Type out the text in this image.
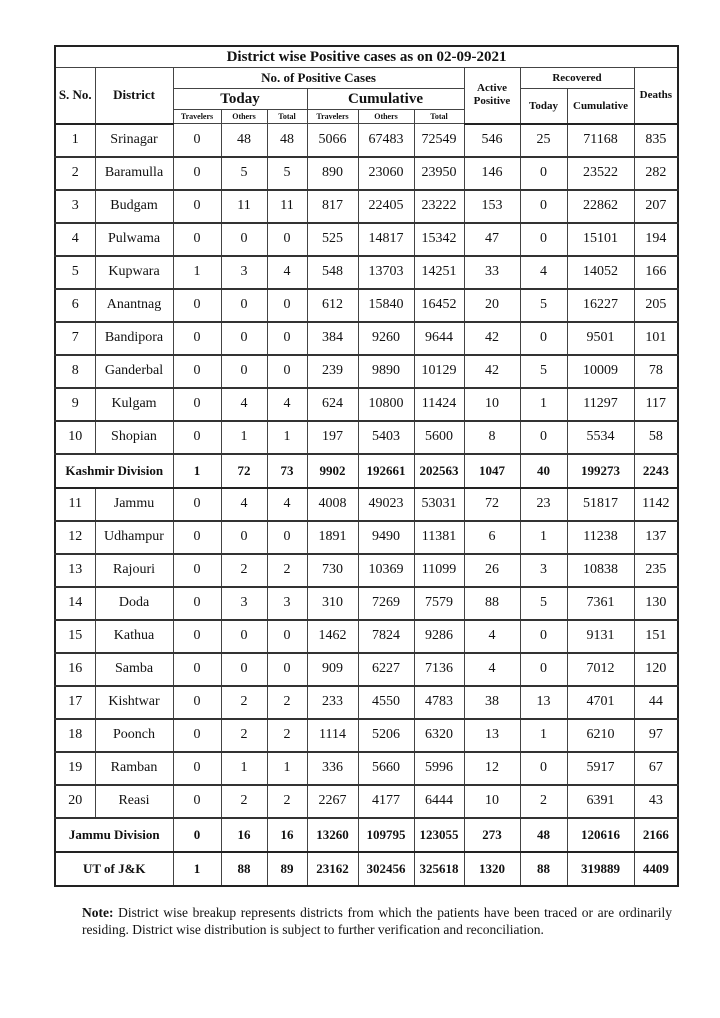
District wise Positive cases as on 02-09-2021											
S. No.	District	No. of Positive Cases						Active
Positive	Recovered		Deaths
		Today			Cumulative				Today	Cumulative	
		Travelers	Others	Total	Travelers	Others	Total				
1	Srinagar	0	48	48	5066	67483	72549	546	25	71168	835
2	Baramulla	0	5	5	890	23060	23950	146	0	23522	282
3	Budgam	0	11	11	817	22405	23222	153	0	22862	207
4	Pulwama	0	0	0	525	14817	15342	47	0	15101	194
5	Kupwara	1	3	4	548	13703	14251	33	4	14052	166
6	Anantnag	0	0	0	612	15840	16452	20	5	16227	205
7	Bandipora	0	0	0	384	9260	9644	42	0	9501	101
8	Ganderbal	0	0	0	239	9890	10129	42	5	10009	78
9	Kulgam	0	4	4	624	10800	11424	10	1	11297	117
10	Shopian	0	1	1	197	5403	5600	8	0	5534	58
Kashmir Division		1	72	73	9902	192661	202563	1047	40	199273	2243
11	Jammu	0	4	4	4008	49023	53031	72	23	51817	1142
12	Udhampur	0	0	0	1891	9490	11381	6	1	11238	137
13	Rajouri	0	2	2	730	10369	11099	26	3	10838	235
14	Doda	0	3	3	310	7269	7579	88	5	7361	130
15	Kathua	0	0	0	1462	7824	9286	4	0	9131	151
16	Samba	0	0	0	909	6227	7136	4	0	7012	120
17	Kishtwar	0	2	2	233	4550	4783	38	13	4701	44
18	Poonch	0	2	2	1114	5206	6320	13	1	6210	97
19	Ramban	0	1	1	336	5660	5996	12	0	5917	67
20	Reasi	0	2	2	2267	4177	6444	10	2	6391	43
Jammu Division		0	16	16	13260	109795	123055	273	48	120616	2166
UT of J&K		1	88	89	23162	302456	325618	1320	88	319889	4409
Note: District wise breakup represents districts from which the patients have been traced or are ordinarily residing. District wise distribution is subject to further verification and reconciliation.
